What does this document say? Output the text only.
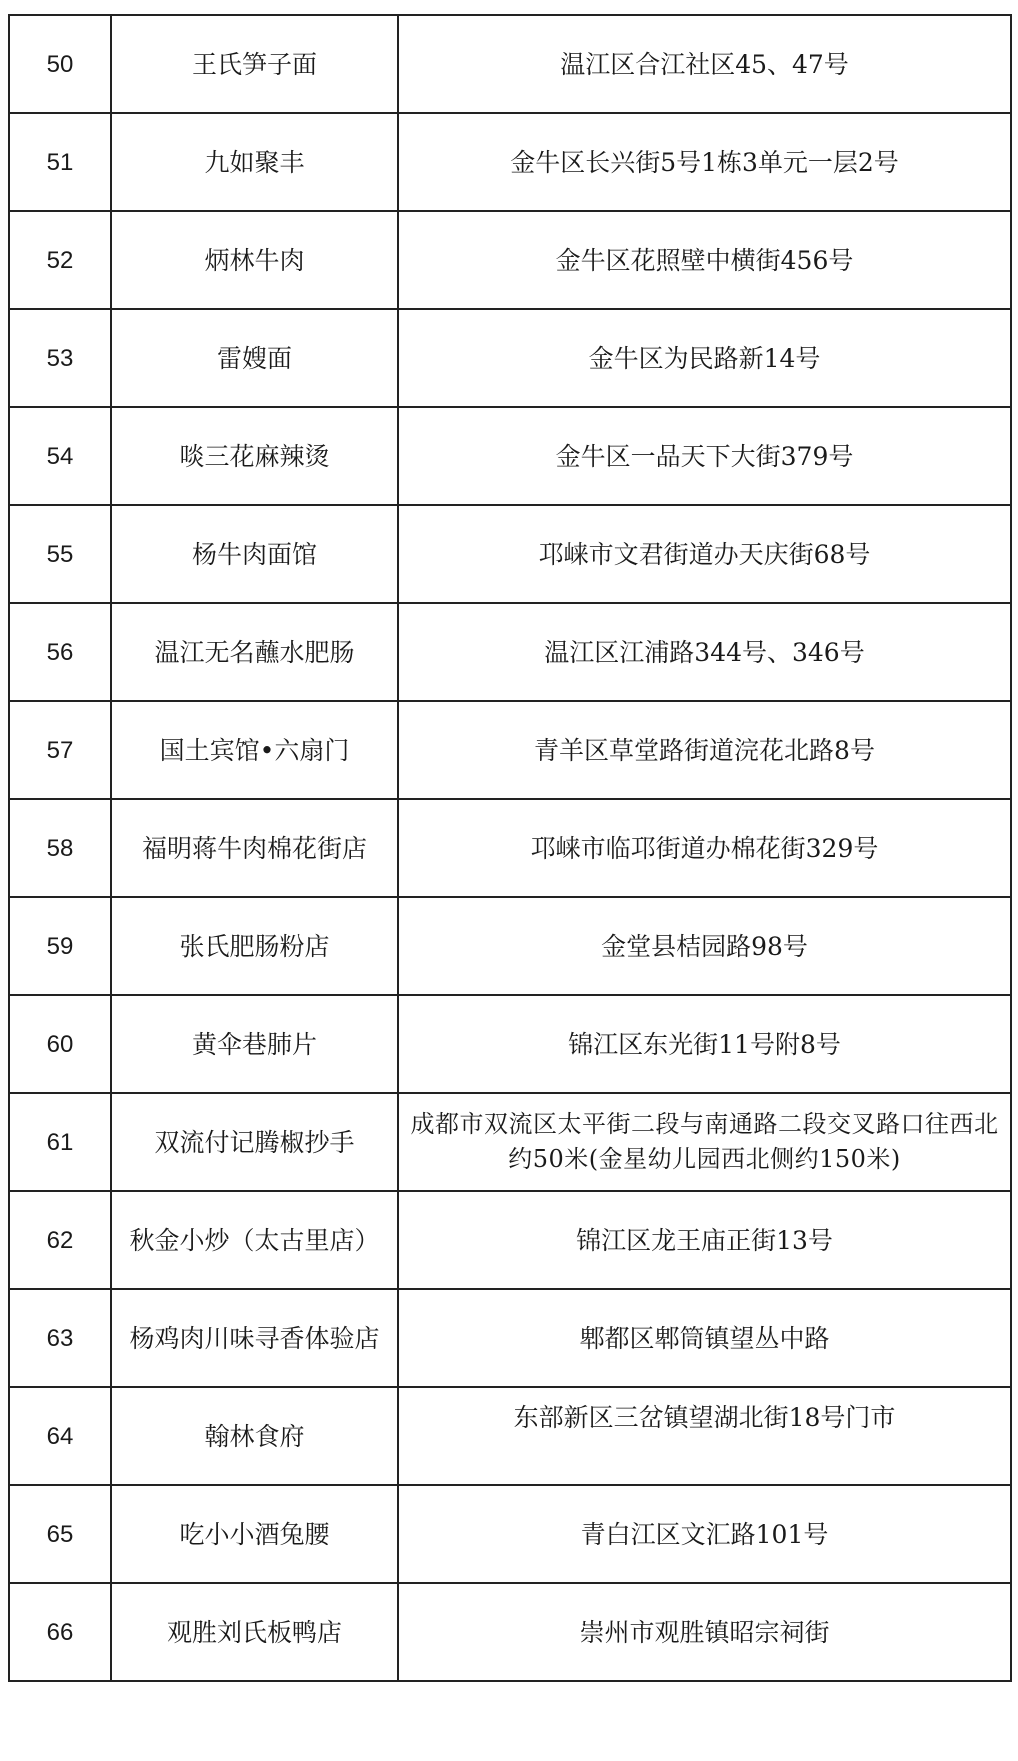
50	王氏笋子面	温江区合江社区45、47号
51	九如聚丰	金牛区长兴街5号1栋3单元一层2号
52	炳林牛肉	金牛区花照壁中横街456号
53	雷嫂面	金牛区为民路新14号
54	啖三花麻辣烫	金牛区一品天下大街379号
55	杨牛肉面馆	邛崃市文君街道办天庆街68号
56	温江无名蘸水肥肠	温江区江浦路344号、346号
57	国土宾馆•六扇门	青羊区草堂路街道浣花北路8号
58	福明蒋牛肉棉花街店	邛崃市临邛街道办棉花街329号
59	张氏肥肠粉店	金堂县桔园路98号
60	黄伞巷肺片	锦江区东光街11号附8号
61	双流付记腾椒抄手	成都市双流区太平街二段与南通路二段交叉路口往西北约50米(金星幼儿园西北侧约150米)
62	秋金小炒（太古里店）	锦江区龙王庙正街13号
63	杨鸡肉川味寻香体验店	郫都区郫筒镇望丛中路
64	翰林食府	东部新区三岔镇望湖北街18号门市
65	吃小小酒兔腰	青白江区文汇路101号
66	观胜刘氏板鸭店	崇州市观胜镇昭宗祠街
